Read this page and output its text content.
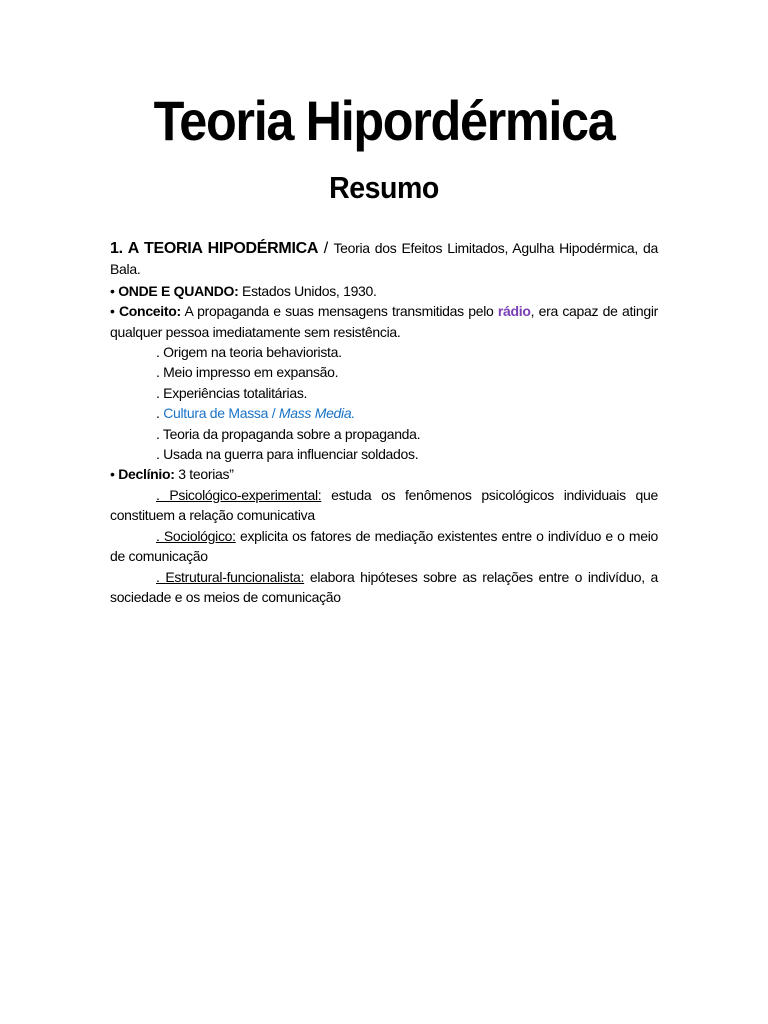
Teoria Hipordérmica
Resumo

1. A TEORIA HIPODÉRMICA / Teoria dos Efeitos Limitados, Agulha Hipodérmica, da Bala.

• ONDE E QUANDO: Estados Unidos, 1930.

• Conceito: A propaganda e suas mensagens transmitidas pelo rádio, era capaz de atingir qualquer pessoa imediatamente sem resistência.

. Origem na teoria behaviorista.

. Meio impresso em expansão.

. Experiências totalitárias.

. Cultura de Massa / Mass Media.

. Teoria da propaganda sobre a propaganda.

. Usada na guerra para influenciar soldados.

• Declínio: 3 teorias”

. Psicológico-experimental: estuda os fenômenos psicológicos individuais que constituem a relação comunicativa

. Sociológico: explicita os fatores de mediação existentes entre o indivíduo e o meio de comunicação

. Estrutural-funcionalista: elabora hipóteses sobre as relações entre o indivíduo, a sociedade e os meios de comunicação
